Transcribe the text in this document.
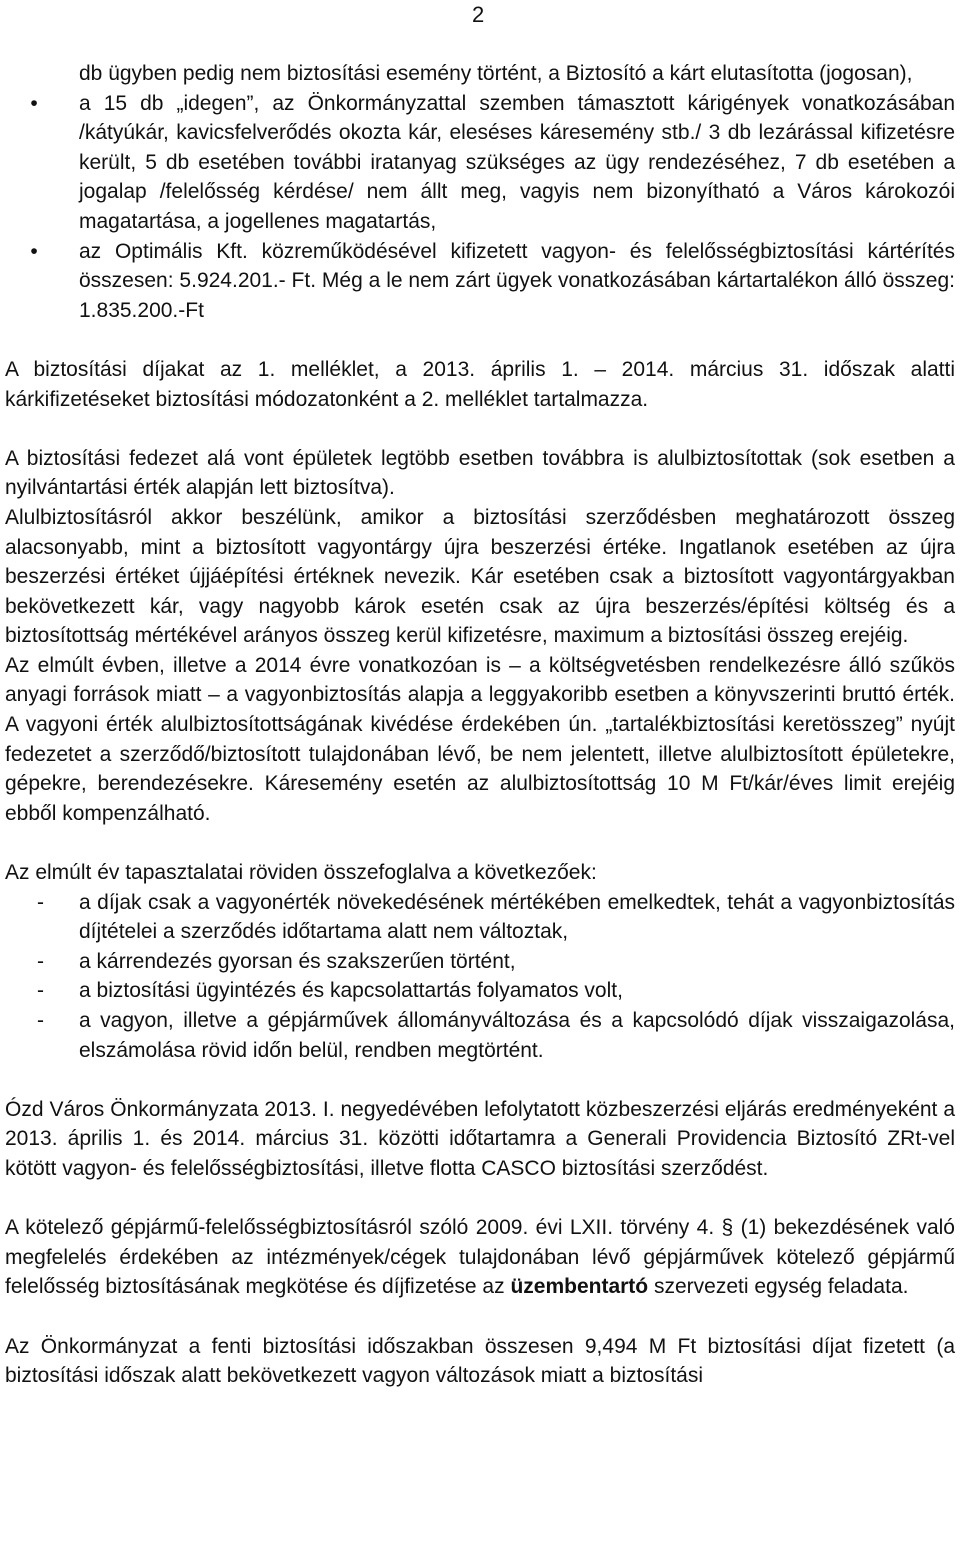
2
db ügyben pedig nem biztosítási esemény történt, a Biztosító a kárt elutasította (jogosan),
• a 15 db „idegen”, az Önkormányzattal szemben támasztott kárigények vonatkozásában /kátyúkár, kavicsfelverődés okozta kár, eleséses káresemény stb./ 3 db lezárással kifizetésre került, 5 db esetében további iratanyag szükséges az ügy rendezéséhez, 7 db esetében a jogalap /felelősség kérdése/ nem állt meg, vagyis nem bizonyítható a Város károkozói magatartása, a jogellenes magatartás,
• az Optimális Kft. közreműködésével kifizetett vagyon- és felelősségbiztosítási kártérítés összesen: 5.924.201.- Ft. Még a le nem zárt ügyek vonatkozásában kártartalékon álló összeg: 1.835.200.-Ft

A biztosítási díjakat az 1. melléklet, a 2013. április 1. – 2014. március 31. időszak alatti kárkifizetéseket biztosítási módozatonként a 2. melléklet tartalmazza.

A biztosítási fedezet alá vont épületek legtöbb esetben továbbra is alulbiztosítottak (sok esetben a nyilvántartási érték alapján lett biztosítva).

Alulbiztosításról akkor beszélünk, amikor a biztosítási szerződésben meghatározott összeg alacsonyabb, mint a biztosított vagyontárgy újra beszerzési értéke. Ingatlanok esetében az újra beszerzési értéket újjáépítési értéknek nevezik. Kár esetében csak a biztosított vagyontárgyakban bekövetkezett kár, vagy nagyobb károk esetén csak az újra beszerzés/építési költség és a biztosítottság mértékével arányos összeg kerül kifizetésre, maximum a biztosítási összeg erejéig.

Az elmúlt évben, illetve a 2014 évre vonatkozóan is – a költségvetésben rendelkezésre álló szűkös anyagi források miatt – a vagyonbiztosítás alapja a leggyakoribb esetben a könyvszerinti bruttó érték. A vagyoni érték alulbiztosítottságának kivédése érdekében ún. „tartalékbiztosítási keretösszeg” nyújt fedezetet a szerződő/biztosított tulajdonában lévő, be nem jelentett, illetve alulbiztosított épületekre, gépekre, berendezésekre. Káresemény esetén az alulbiztosítottság 10 M Ft/kár/éves limit erejéig ebből kompenzálható.

Az elmúlt év tapasztalatai röviden összefoglalva a következőek:

- a díjak csak a vagyonérték növekedésének mértékében emelkedtek, tehát a vagyonbiztosítás díjtételei a szerződés időtartama alatt nem változtak,
- a kárrendezés gyorsan és szakszerűen történt,
- a biztosítási ügyintézés és kapcsolattartás folyamatos volt,
- a vagyon, illetve a gépjárművek állományváltozása és a kapcsolódó díjak visszaigazolása, elszámolása rövid időn belül, rendben megtörtént.

Ózd Város Önkormányzata 2013. I. negyedévében lefolytatott közbeszerzési eljárás eredményeként a 2013. április 1. és 2014. március 31. közötti időtartamra a Generali Providencia Biztosító ZRt-vel kötött vagyon- és felelősségbiztosítási, illetve flotta CASCO biztosítási szerződést.

A kötelező gépjármű-felelősségbiztosításról szóló 2009. évi LXII. törvény 4. § (1) bekezdésének való megfelelés érdekében az intézmények/cégek tulajdonában lévő gépjárművek kötelező gépjármű felelősség biztosításának megkötése és díjfizetése az üzembentartó szervezeti egység feladata.

Az Önkormányzat a fenti biztosítási időszakban összesen 9,494 M Ft biztosítási díjat fizetett (a biztosítási időszak alatt bekövetkezett vagyon változások miatt a biztosítási
